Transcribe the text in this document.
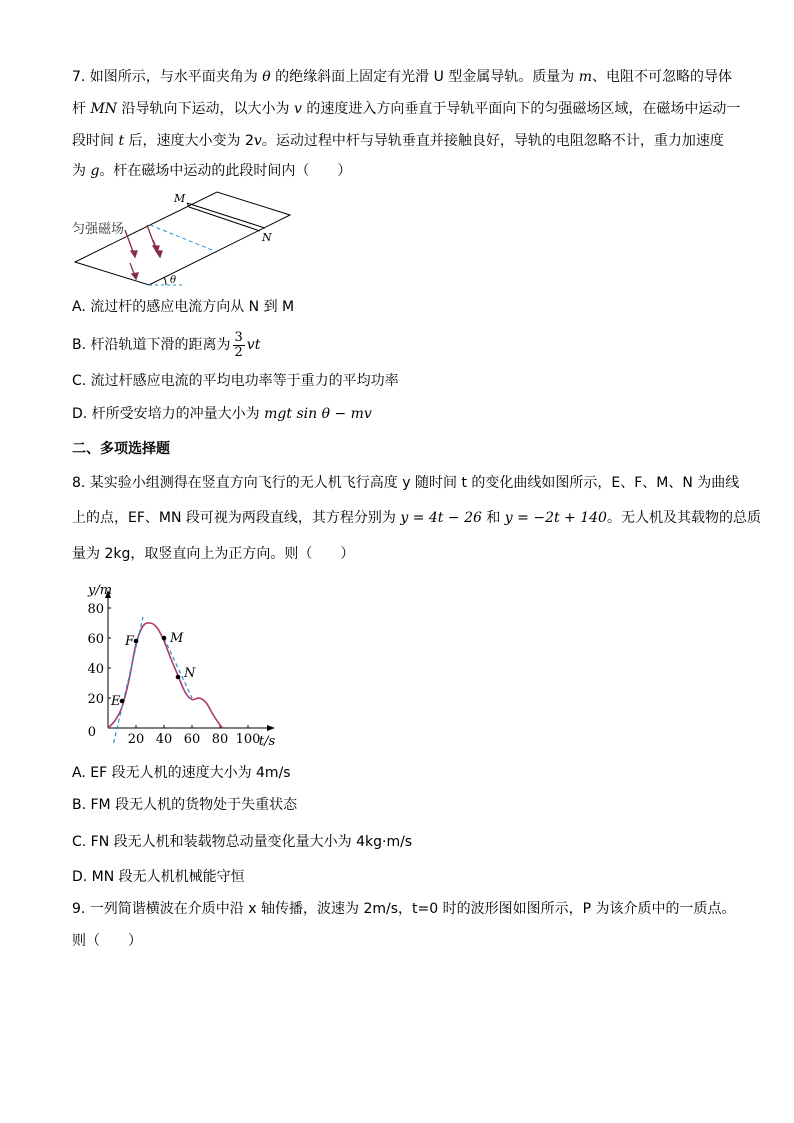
7. 如图所示，与水平面夹角为 θ 的绝缘斜面上固定有光滑 U 型金属导轨。质量为 m、电阻不可忽略的导体
杆 MN 沿导轨向下运动，以大小为 v 的速度进入方向垂直于导轨平面向下的匀强磁场区域，在磁场中运动一
段时间 t 后，速度大小变为 2v。运动过程中杆与导轨垂直并接触良好，导轨的电阻忽略不计，重力加速度
为 g。杆在磁场中运动的此段时间内（　　）
匀强磁场
M
N
θ
A. 流过杆的感应电流方向从 N 到 M
B. 杆沿轨道下滑的距离为 $\frac{3}{2}$ vt
C. 流过杆感应电流的平均电功率等于重力的平均功率
D. 杆所受安培力的冲量大小为 mgt sin θ − mv
二、多项选择题
8. 某实验小组测得在竖直方向飞行的无人机飞行高度 y 随时间 t 的变化曲线如图所示，E、F、M、N 为曲线
上的点，EF、MN 段可视为两段直线，其方程分别为 y = 4t − 26 和 y = −2t + 140。无人机及其载物的总质
量为 2kg，取竖直向上为正方向。则（　　）
20 40 60 80 100
20
40
60
80
0
y/m
t/s
E
F	M
N
A. EF 段无人机的速度大小为 4m/s
B. FM 段无人机的货物处于失重状态
C. FN 段无人机和装载物总动量变化量大小为 4kg·m/s
D. MN 段无人机机械能守恒
9. 一列简谐横波在介质中沿 x 轴传播，波速为 2m/s，t=0 时的波形图如图所示，P 为该介质中的一质点。
则（　　）
